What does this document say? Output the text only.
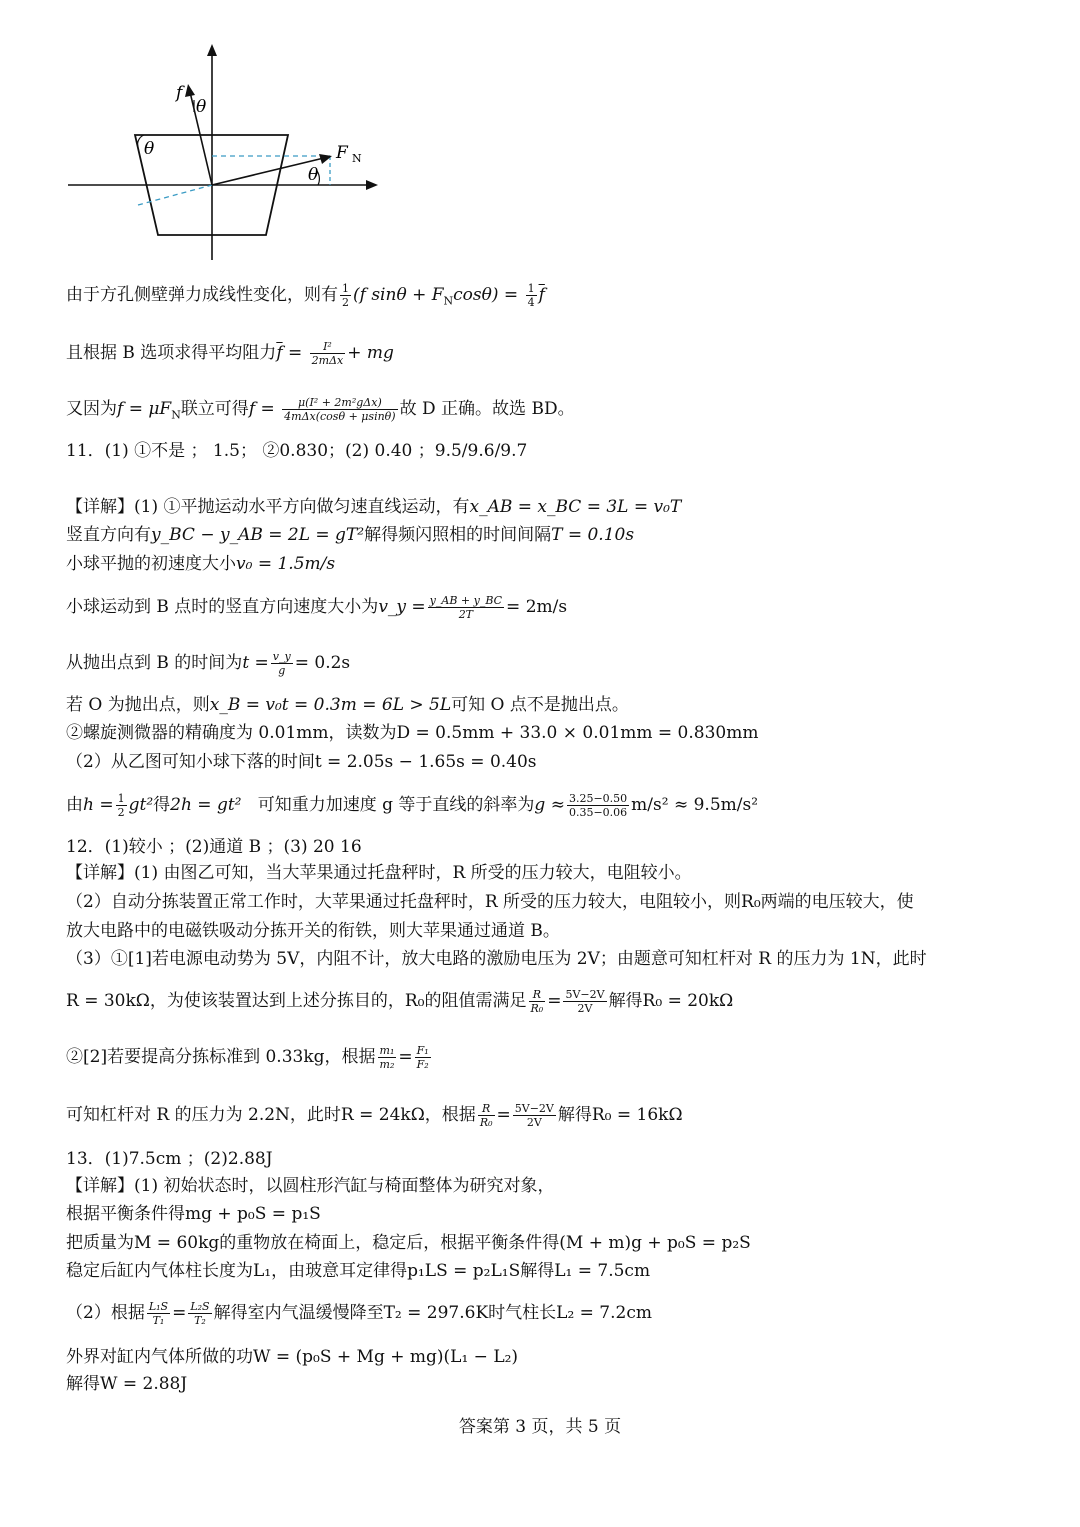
f
θ
θ
θ
F N
由于方孔侧壁弹力成线性变化，则有 $\frac{1}{2} (f$ $\sin\theta + F_N\cos\theta) = \frac{1}{4} \overline{f}$
且根据 B 选项求得平均阻力$\overline{f} = \frac{\text{I²}}{\text{2mΔx}}$ + mg
又因为$f = \mu F_N$联立可得$f = \frac{\text{μ(I² + 2m²gΔx)}}{\text{4mΔx(cosθ + μsinθ)}}$ 故 D 正确。故选 BD。
11．(1) ①不是 ； 1.5； ②0.830；(2) 0.40 ；9.5/9.6/9.7
【详解】(1) ①平抛运动水平方向做匀速直线运动，有x_AB = x_BC = 3L = v₀T
竖直方向有y_BC − y_AB = 2L = gT²解得频闪照相的时间间隔T = 0.10s
小球平抛的初速度大小v₀ = 1.5m/s
小球运动到 B 点时的竖直方向速度大小为v_y = $\frac{y\_AB + y\_BC}{2T} = 2m/s$
从抛出点到 B 的时间为$t = \frac{v\_y}{g} = 0.2s$
若 O 为抛出点，则x_B = v₀t = 0.3m = 6L > 5L可知 O 点不是抛出点。
②螺旋测微器的精确度为 0.01mm，读数为D = 0.5mm + 33.0 × 0.01mm = 0.830mm
（2）从乙图可知小球下落的时间t = 2.05s − 1.65s = 0.40s
由$h = \frac{1}{2} gt^2$得2h = gt² 可知重力加速度 g 等于直线的斜率为$g \approx \frac{3.25-0.50}{0.35-0.06} m/s^2 \approx 9.5m/s^2$
12．(1)较小 ；(2)通道 B ；(3) 20 16
【详解】(1) 由图乙可知，当大苹果通过托盘秤时，R 所受的压力较大，电阻较小。
（2）自动分拣装置正常工作时，大苹果通过托盘秤时，R 所受的压力较大，电阻较小，则R₀两端的电压较大，使
放大电路中的电磁铁吸动分拣开关的衔铁，则大苹果通过通道 B。
（3）①[1]若电源电动势为 5V，内阻不计，放大电路的激励电压为 2V；由题意可知杠杆对 R 的压力为 1N，此时
R = 30kΩ，为使该装置达到上述分拣目的，R₀的阻值需满足 $\frac{R}{\text{R₀}} = \frac{5V-2V}{2V}$ 解得R₀ = 20kΩ
②[2]若要提高分拣标准到 0.33kg，根据 $\frac{\text{m₁}}{\text{m₂}} = \frac{\text{F₁}}{\text{F₂}}$
可知杠杆对 R 的压力为 2.2N，此时R = 24kΩ，根据 $\frac{R}{\text{R₀}} = \frac{5V-2V}{2V}$ 解得R₀ = 16kΩ
13．(1)7.5cm ；(2)2.88J
【详解】(1) 初始状态时，以圆柱形汽缸与椅面整体为研究对象，
根据平衡条件得mg + p₀S = p₁S
把质量为M = 60kg的重物放在椅面上，稳定后，根据平衡条件得(M + m)g + p₀S = p₂S
稳定后缸内气体柱长度为L₁，由玻意耳定律得p₁LS = p₂L₁S解得L₁ = 7.5cm
（2）根据 $\frac{\text{L₁S}}{\text{T₁}} = \frac{\text{L₂S}}{\text{T₂}}$ 解得室内气温缓慢降至T₂ = 297.6K时气柱长L₂ = 7.2cm
外界对缸内气体所做的功W = (p₀S + Mg + mg)(L₁ − L₂)
解得W = 2.88J
答案第 3 页，共 5 页
